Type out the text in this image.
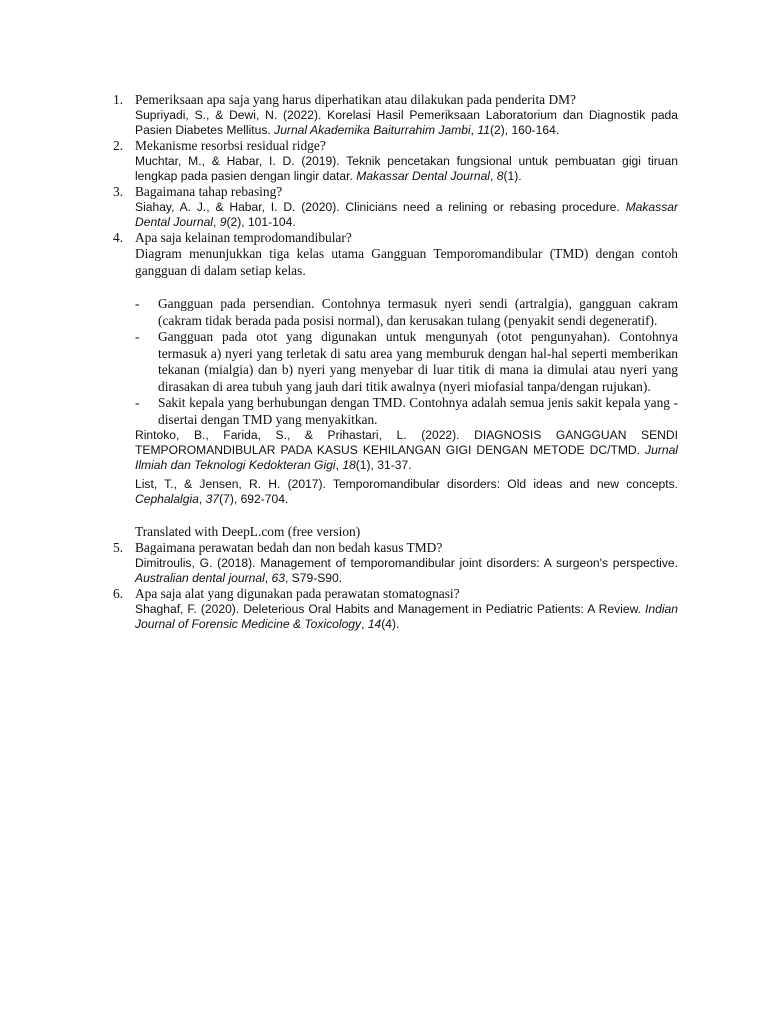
1. Pemeriksaan apa saja yang harus diperhatikan atau dilakukan pada penderita DM?
Supriyadi, S., & Dewi, N. (2022). Korelasi Hasil Pemeriksaan Laboratorium dan Diagnostik pada Pasien Diabetes Mellitus. Jurnal Akademika Baiturrahim Jambi, 11(2), 160-164.
2. Mekanisme resorbsi residual ridge?
Muchtar, M., & Habar, I. D. (2019). Teknik pencetakan fungsional untuk pembuatan gigi tiruan lengkap pada pasien dengan lingir datar. Makassar Dental Journal, 8(1).
3. Bagaimana tahap rebasing?
Siahay, A. J., & Habar, I. D. (2020). Clinicians need a relining or rebasing procedure. Makassar Dental Journal, 9(2), 101-104.
4. Apa saja kelainan temprodomandibular?
Diagram menunjukkan tiga kelas utama Gangguan Temporomandibular (TMD) dengan contoh gangguan di dalam setiap kelas.
- Gangguan pada persendian. Contohnya termasuk nyeri sendi (artralgia), gangguan cakram (cakram tidak berada pada posisi normal), dan kerusakan tulang (penyakit sendi degeneratif).
- Gangguan pada otot yang digunakan untuk mengunyah (otot pengunyahan). Contohnya termasuk a) nyeri yang terletak di satu area yang memburuk dengan hal-hal seperti memberikan tekanan (mialgia) dan b) nyeri yang menyebar di luar titik di mana ia dimulai atau nyeri yang dirasakan di area tubuh yang jauh dari titik awalnya (nyeri miofasial tanpa/dengan rujukan).
- Sakit kepala yang berhubungan dengan TMD. Contohnya adalah semua jenis sakit kepala yang - disertai dengan TMD yang menyakitkan.
Rintoko, B., Farida, S., & Prihastari, L. (2022). DIAGNOSIS GANGGUAN SENDI TEMPOROMANDIBULAR PADA KASUS KEHILANGAN GIGI DENGAN METODE DC/TMD. Jurnal Ilmiah dan Teknologi Kedokteran Gigi, 18(1), 31-37.
List, T., & Jensen, R. H. (2017). Temporomandibular disorders: Old ideas and new concepts. Cephalalgia, 37(7), 692-704.
Translated with DeepL.com (free version)
5. Bagaimana perawatan bedah dan non bedah kasus TMD?
Dimitroulis, G. (2018). Management of temporomandibular joint disorders: A surgeon's perspective. Australian dental journal, 63, S79-S90.
6. Apa saja alat yang digunakan pada perawatan stomatognasi?
Shaghaf, F. (2020). Deleterious Oral Habits and Management in Pediatric Patients: A Review. Indian Journal of Forensic Medicine & Toxicology, 14(4).
